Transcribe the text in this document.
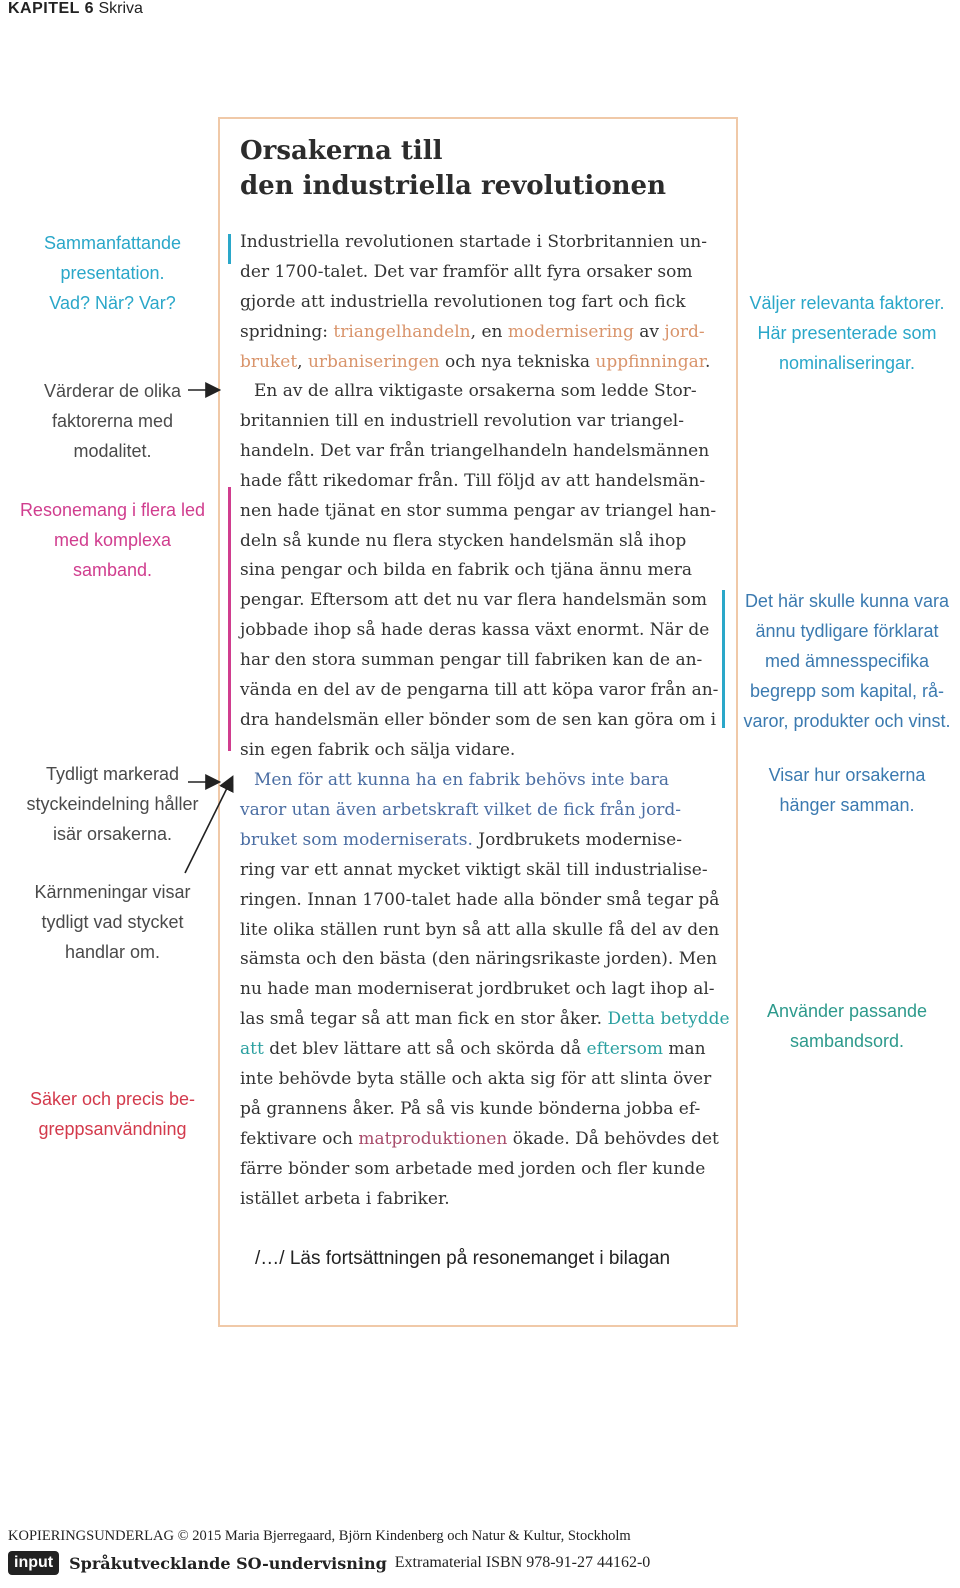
KAPITEL 6 Skriva
Orsakerna till
den industriella revolutionen
Industriella revolutionen startade i Storbritannien un-
der 1700-talet. Det var framför allt fyra orsaker som
gjorde att industriella revolutionen tog fart och fick
spridning: triangelhandeln, en modernisering av jord-
bruket, urbaniseringen och nya tekniska uppfinningar.
En av de allra viktigaste orsakerna som ledde Stor-
britannien till en industriell revolution var triangel-
handeln. Det var från triangelhandeln handelsmännen
hade fått rikedomar från. Till följd av att handelsmän-
nen hade tjänat en stor summa pengar av triangel han-
deln så kunde nu flera stycken handelsmän slå ihop
sina pengar och bilda en fabrik och tjäna ännu mera
pengar. Eftersom att det nu var flera handelsmän som
jobbade ihop så hade deras kassa växt enormt. När de
har den stora summan pengar till fabriken kan de an-
vända en del av de pengarna till att köpa varor från an-
dra handelsmän eller bönder som de sen kan göra om i
sin egen fabrik och sälja vidare.
Men för att kunna ha en fabrik behövs inte bara
varor utan även arbetskraft vilket de fick från jord-
bruket som moderniserats. Jordbrukets modernise-
ring var ett annat mycket viktigt skäl till industrialise-
ringen. Innan 1700-talet hade alla bönder små tegar på
lite olika ställen runt byn så att alla skulle få del av den
sämsta och den bästa (den näringsrikaste jorden). Men
nu hade man moderniserat jordbruket och lagt ihop al-
las små tegar så att man fick en stor åker. Detta betydde
att det blev lättare att så och skörda då eftersom man
inte behövde byta ställe och akta sig för att slinta över
på grannens åker. På så vis kunde bönderna jobba ef-
fektivare och matproduktionen ökade. Då behövdes det
färre bönder som arbetade med jorden och fler kunde
istället arbeta i fabriker.
/…/ Läs fortsättningen på resonemanget i bilagan
Sammanfattande
presentation.
Vad? När? Var?
Värderar de olika
faktorerna med
modalitet.
Resonemang i flera led
med komplexa
samband.
Tydligt markerad
styckeindelning håller
isär orsakerna.
Kärnmeningar visar
tydligt vad stycket
handlar om.
Säker och precis be-
greppsanvändning
Väljer relevanta faktorer.
Här presenterade som
nominaliseringar.
Det här skulle kunna vara
ännu tydligare förklarat
med ämnesspecifika
begrepp som kapital, rå-
varor, produkter och vinst.
Visar hur orsakerna
hänger samman.
Använder passande
sambandsord.
KOPIERINGSUNDERLAG © 2015 Maria Bjerregaard, Björn Kindenberg och Natur & Kultur, Stockholm
input	Språkutvecklande SO-undervisning Extramaterial ISBN 978-91-27 44162-0
